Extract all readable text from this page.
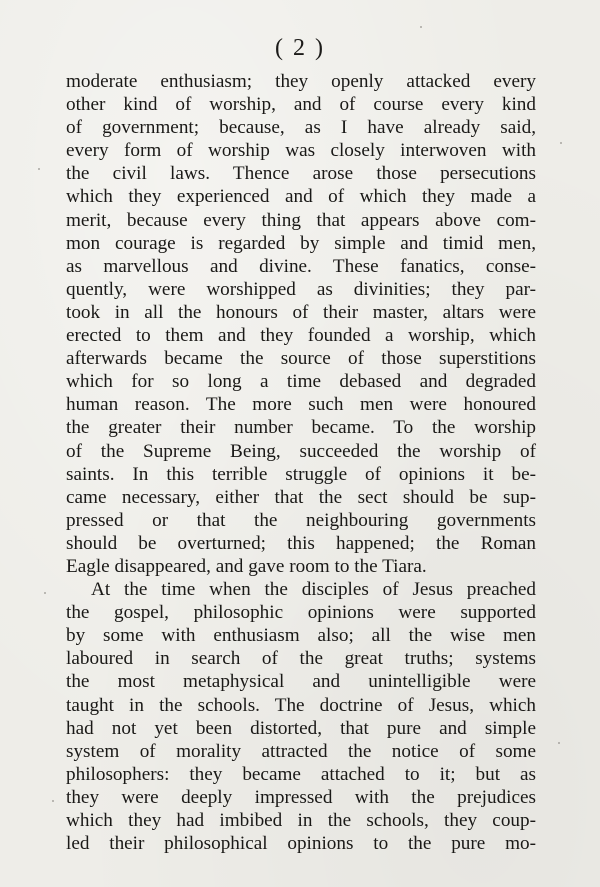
( 2 )
moderate enthusiasm; they openly attacked every
other kind of worship, and of course every kind
of government; because, as I have already said,
every form of worship was closely interwoven with
the civil laws. Thence arose those persecutions
which they experienced and of which they made a
merit, because every thing that appears above com-
mon courage is regarded by simple and timid men,
as marvellous and divine. These fanatics, conse-
quently, were worshipped as divinities; they par-
took in all the honours of their master, altars were
erected to them and they founded a worship, which
afterwards became the source of those superstitions
which for so long a time debased and degraded
human reason. The more such men were honoured
the greater their number became. To the worship
of the Supreme Being, succeeded the worship of
saints. In this terrible struggle of opinions it be-
came necessary, either that the sect should be sup-
pressed or that the neighbouring governments
should be overturned; this happened; the Roman
Eagle disappeared, and gave room to the Tiara.
At the time when the disciples of Jesus preached
the gospel, philosophic opinions were supported
by some with enthusiasm also; all the wise men
laboured in search of the great truths; systems
the most metaphysical and unintelligible were
taught in the schools. The doctrine of Jesus, which
had not yet been distorted, that pure and simple
system of morality attracted the notice of some
philosophers: they became attached to it; but as
they were deeply impressed with the prejudices
which they had imbibed in the schools, they coup-
led their philosophical opinions to the pure mo-
